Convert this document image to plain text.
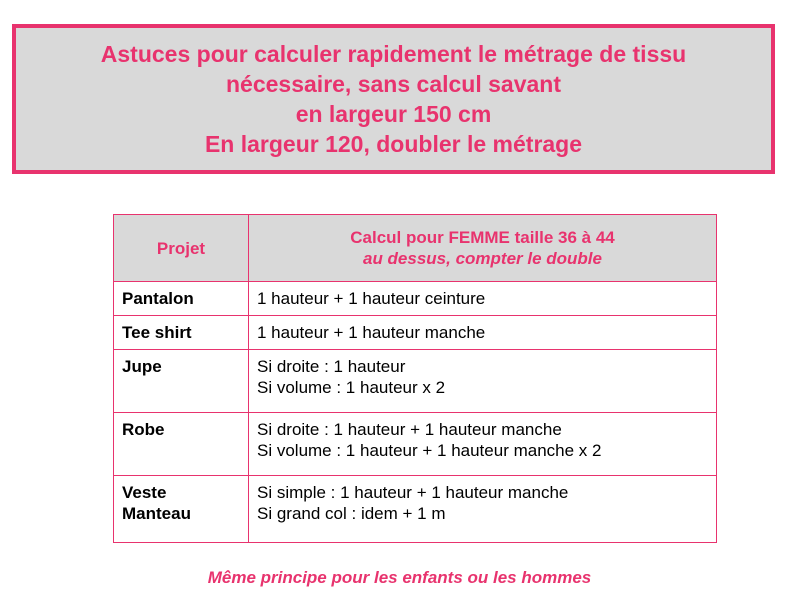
Astuces pour calculer rapidement le métrage de tissu
nécessaire, sans calcul savant
en largeur 150 cm
En largeur 120, doubler le métrage
Projet	Calcul pour FEMME taille 36 à 44
au dessus, compter le double

Pantalon	1 hauteur + 1 hauteur ceinture

Tee shirt	1 hauteur + 1 hauteur manche

Jupe	Si droite : 1 hauteur
Si volume : 1 hauteur x 2

Robe	Si droite : 1 hauteur + 1 hauteur manche
Si volume : 1 hauteur + 1 hauteur manche x 2

Veste
Manteau	Si simple : 1 hauteur + 1 hauteur manche
Si grand col : idem + 1 m
Même principe pour les enfants ou les hommes
